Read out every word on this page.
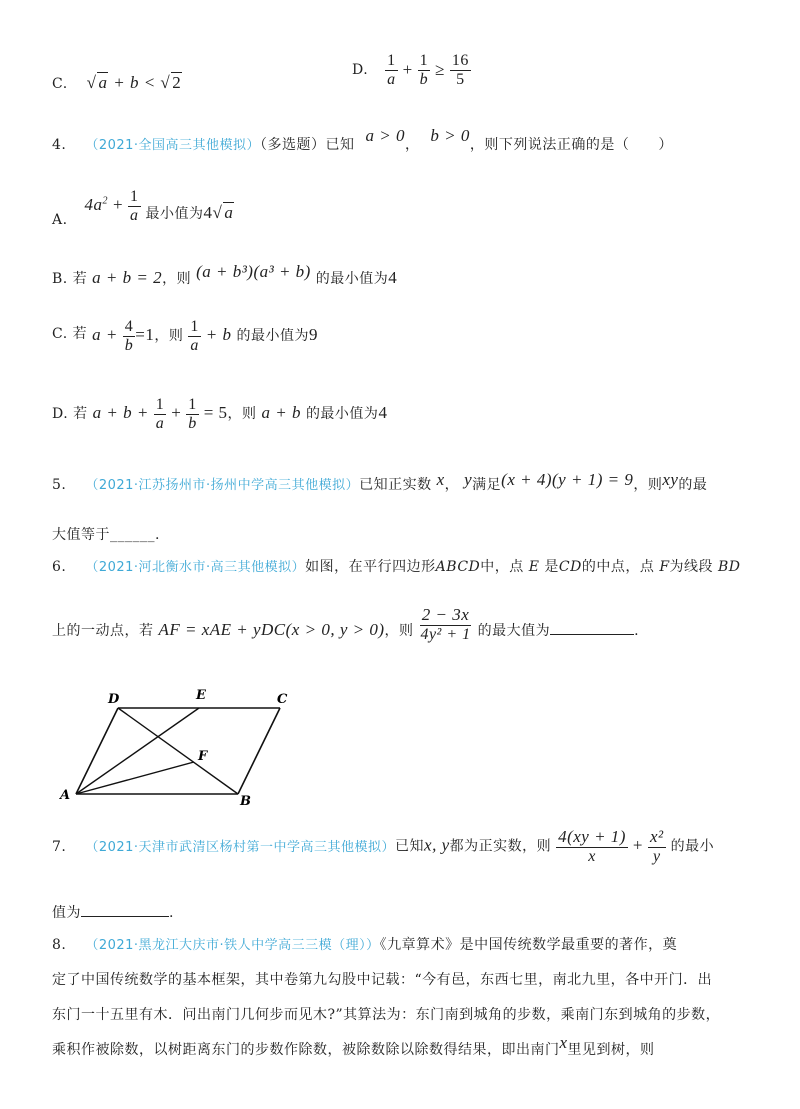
C. √ a + b < √ 2
D. $\frac{1}{a} + \frac{1}{b} \ge \frac{16}{5}$
4. （2021·全国高三其他模拟）（多选题）已知 a > 0， b > 0，则下列说法正确的是（　　）
A. $4a^2 + \frac{1}{a}$ 最小值为4√ a
B. 若 a + b = 2，则 (a + b³)(a³ + b) 的最小值为4
C. 若 $a + \frac{4}{b} =1$，则 $\frac{1}{a} + b$ 的最小值为9
D. 若 $a + b + \frac{1}{a} + \frac{1}{b} = 5$，则 a + b 的最小值为4
5. （2021·江苏扬州市·扬州中学高三其他模拟）已知正实数 x， y满足(x + 4)(y + 1) = 9，则xy的最
大值等于______.
6. （2021·河北衡水市·高三其他模拟）如图，在平行四边形ABCD中，点 E 是CD的中点，点 F为线段 BD
上的一动点，若 AF = xAE + yDC(x > 0, y > 0)，则 $\frac{2 - 3x}{\text{4y² + 1}}$ 的最大值为	.
A	B
C
D	E
F
7. （2021·天津市武清区杨村第一中学高三其他模拟）已知x, y都为正实数，则 $\frac{4(xy + 1)}{x} + \frac{\text{x²}}{y}$ 的最小
值为	.
8. （2021·黑龙江大庆市·铁人中学高三三模（理））《九章算术》是中国传统数学最重要的著作，奠
定了中国传统数学的基本框架，其中卷第九勾股中记载：“今有邑，东西七里，南北九里，各中开门．出
东门一十五里有木．问出南门几何步而见木?”其算法为：东门南到城角的步数，乘南门东到城角的步数，
乘积作被除数，以树距离东门的步数作除数，被除数除以除数得结果，即出南门x里见到树，则
